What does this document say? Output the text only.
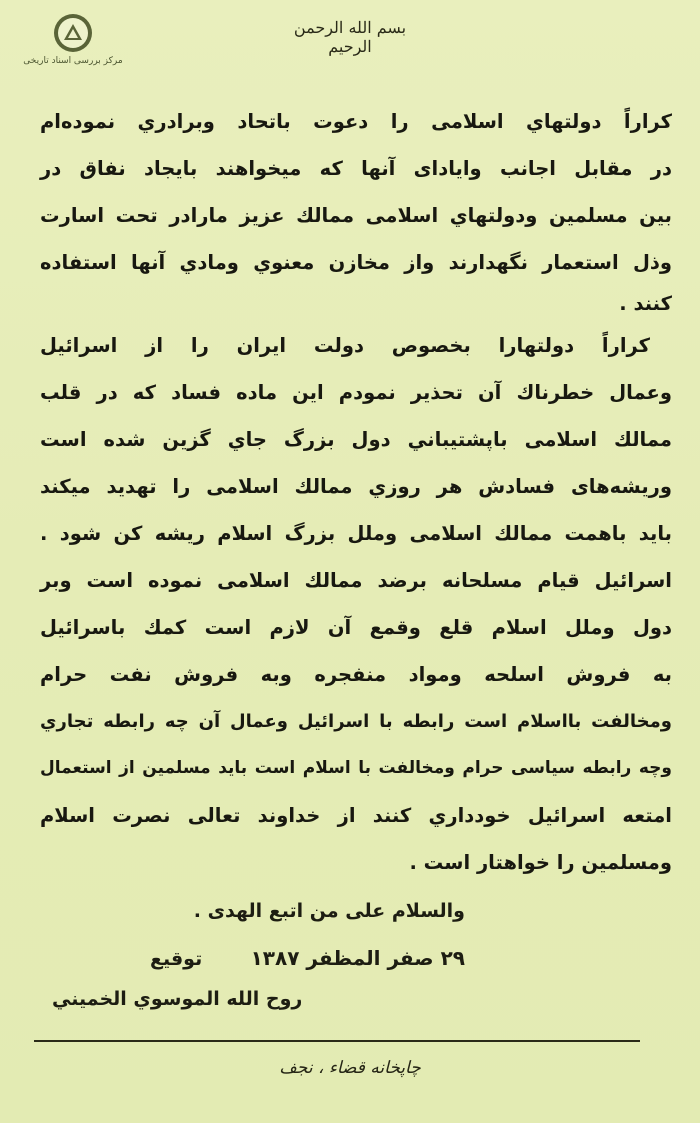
مرکز بررسی اسناد تاریخی
بسم الله الرحمن الرحیم
كراراً دولتهاي اسلامى را دعوت باتحاد وبرادري نموده‌ام
در مقابل اجانب واياداى آنها كه ميخواهند بايجاد نفاق در
بين مسلمين ودولتهاي اسلامى ممالك عزيز مارادر تحت اسارت
وذل استعمار نگهدارند واز مخازن معنوي ومادي آنها استفاده
كنند .
كراراً دولتهارا بخصوص دولت ايران را از اسرائيل
وعمال خطرناك آن تحذير نمودم اين ماده فساد كه در قلب
ممالك اسلامى باپشتيباني دول بزرگ جاي گزين شده است
وريشه‌هاى فساد‌ش هر روزي ممالك اسلامى را تهديد ميكند
بايد باهمت ممالك اسلامى وملل بزرگ اسلام ريشه كن شود .
اسرائيل قيام مسلحانه برضد ممالك اسلامى نموده است وبر
دول وملل اسلام قلع وقمع آن لازم است كمك باسرائيل
به فروش اسلحه ومواد منفجره وبه فروش نفت حرام
ومخالفت بااسلام است رابطه با اسرائيل وعمال آن چه رابطه تجاري
وچه رابطه سياسى حرام ومخالفت با اسلام است بايد مسلمين از استعمال
امتعه اسرائيل خودداري كنند از خداوند تعالى نصرت اسلام
ومسلمين را خواهتار است .
والسلام على من اتبع الهدى .
۲۹ صفر المظفر ۱۳۸۷
توقيع
روح الله الموسوي الخميني
چاپخانه قضاء ، نجف
